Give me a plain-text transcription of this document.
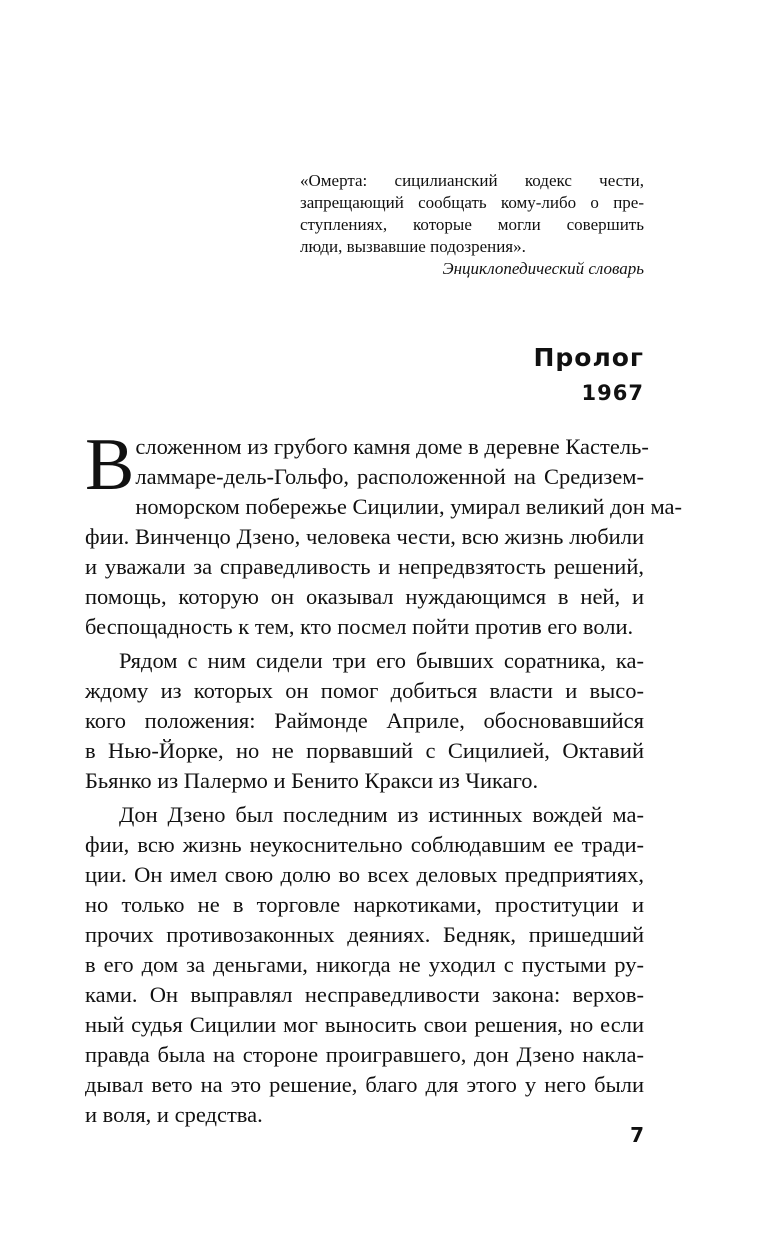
«Омерта: сицилианский кодекс чести,
запрещающий сообщать кому-либо о пре-
ступлениях, которые могли совершить
люди, вызвавшие подозрения».
Энциклопедический словарь
Пролог
1967
В сложенном из грубого камня доме в деревне Кастель-
ламмаре-дель-Гольфо, расположенной на Средизем-
номорском побережье Сицилии, умирал великий дон ма-
фии. Винченцо Дзено, человека чести, всю жизнь любили
и уважали за справедливость и непредвзятость решений,
помощь, которую он оказывал нуждающимся в ней, и
беспощадность к тем, кто посмел пойти против его воли.
Рядом с ним сидели три его бывших соратника, ка-
ждому из которых он помог добиться власти и высо-
кого положения: Раймонде Априле, обосновавшийся
в Нью-Йорке, но не порвавший с Сицилией, Октавий
Бьянко из Палермо и Бенито Кракси из Чикаго.
Дон Дзено был последним из истинных вождей ма-
фии, всю жизнь неукоснительно соблюдавшим ее тради-
ции. Он имел свою долю во всех деловых предприятиях,
но только не в торговле наркотиками, проституции и
прочих противозаконных деяниях. Бедняк, пришедший
в его дом за деньгами, никогда не уходил с пустыми ру-
ками. Он выправлял несправедливости закона: верхов-
ный судья Сицилии мог выносить свои решения, но если
правда была на стороне проигравшего, дон Дзено накла-
дывал вето на это решение, благо для этого у него были
и воля, и средства.
7
